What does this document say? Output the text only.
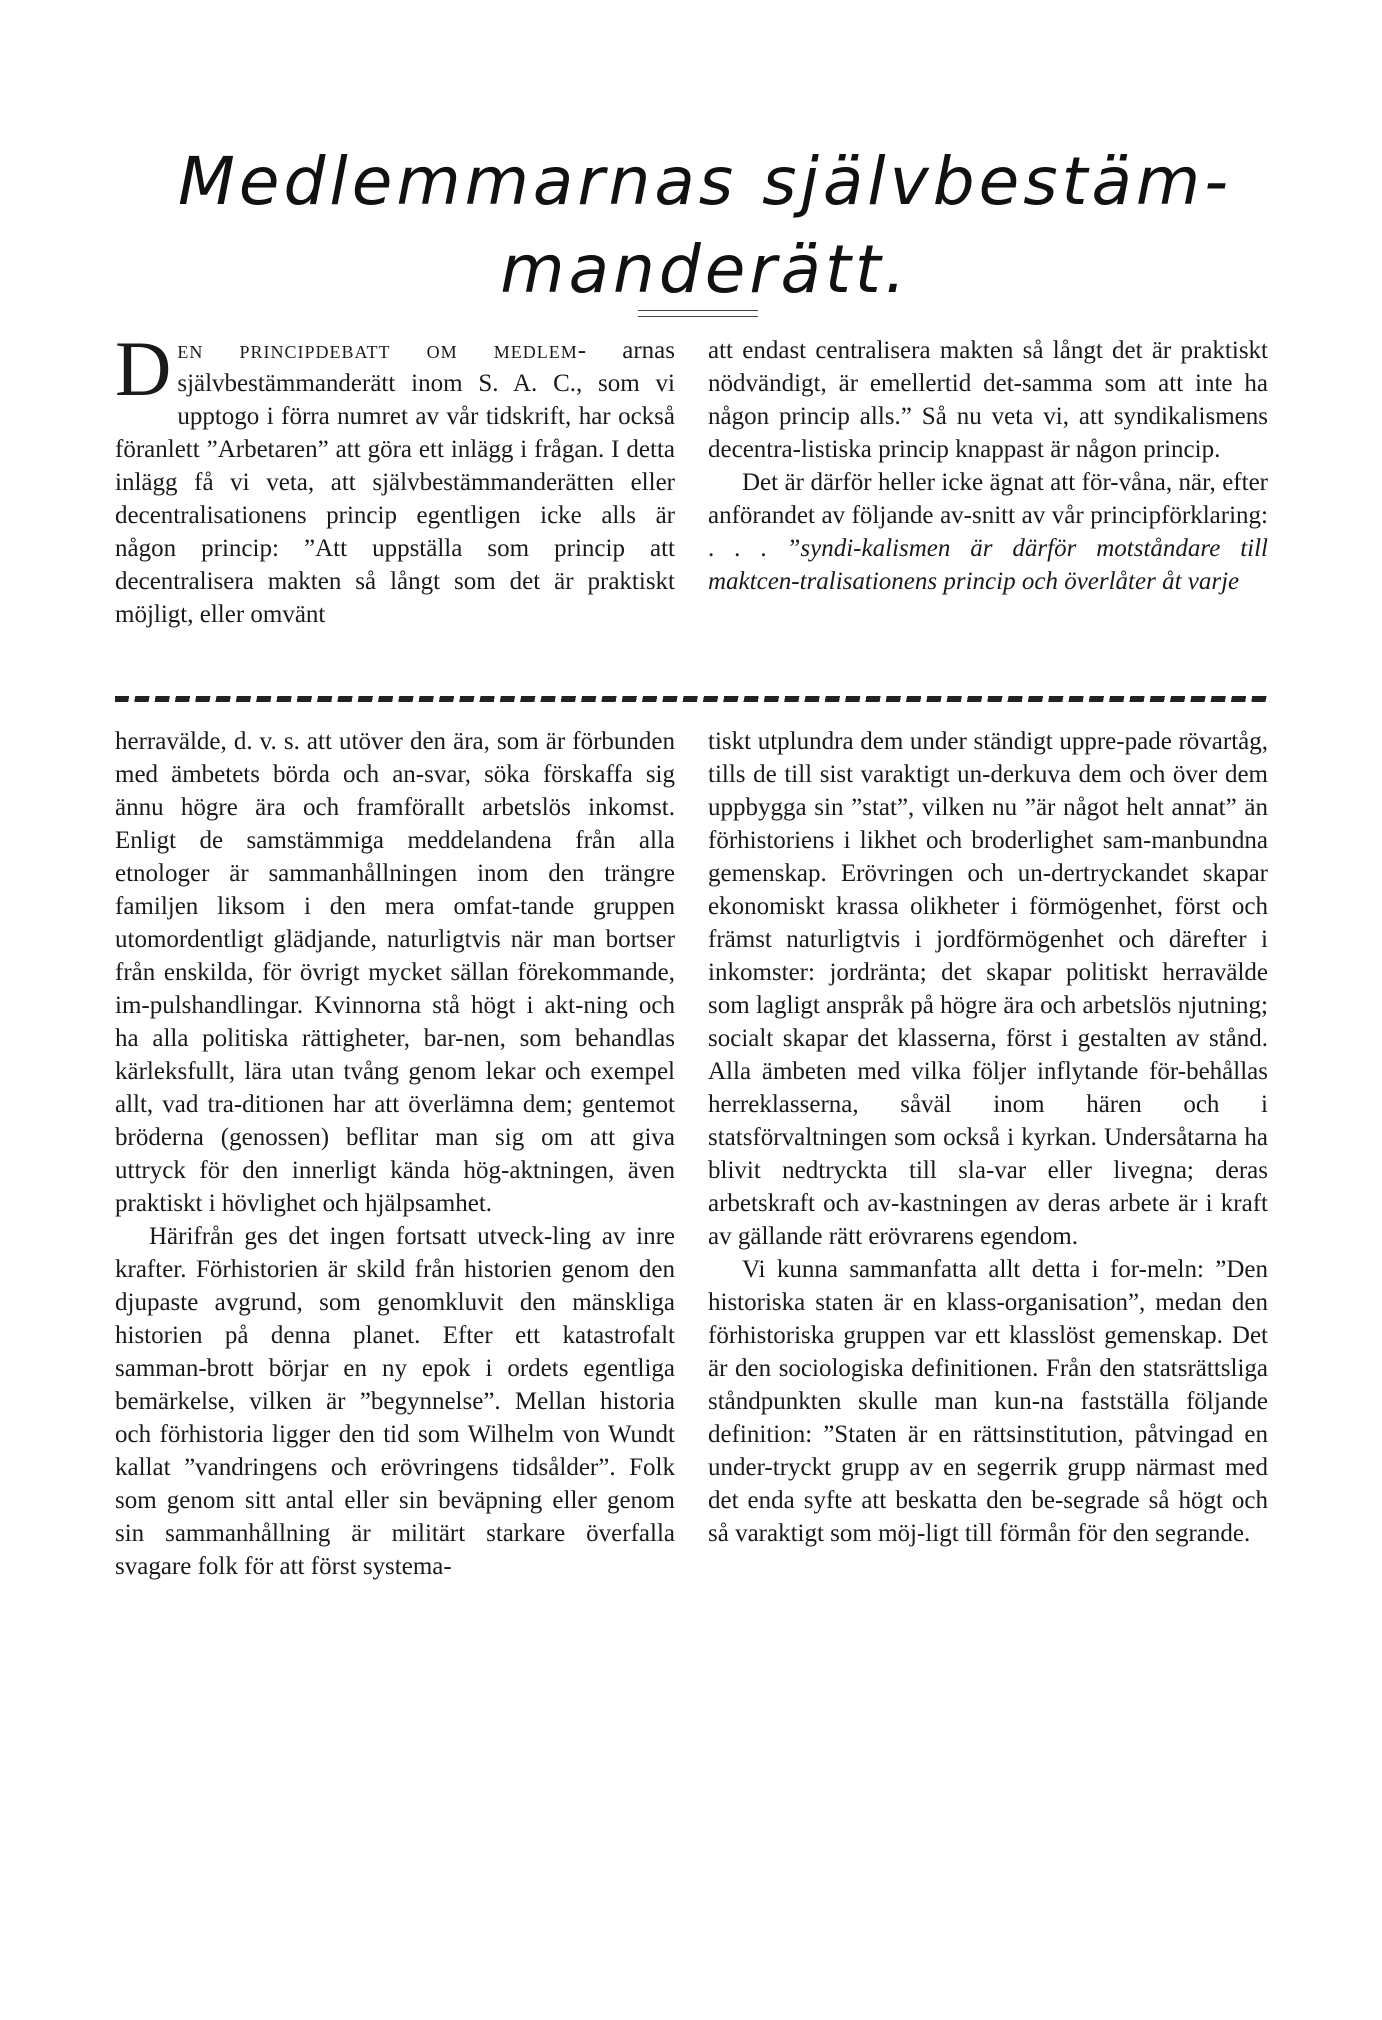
Medlemmarnas självbestäm-manderätt.

D en principdebatt om medlem- arnas självbestämmanderätt inom S. A. C., som vi upptogo i förra numret av vår tidskrift, har också föranlett ”Arbetaren” att göra ett inlägg i frågan. I detta inlägg få vi veta, att självbestämmanderätten eller decentralisationens princip egentligen icke alls är någon princip: ”Att uppställa som princip att decentralisera makten så långt som det är praktiskt möjligt, eller omvänt

att endast centralisera makten så långt det är praktiskt nödvändigt, är emellertid det-samma som att inte ha någon princip alls.” Så nu veta vi, att syndikalismens decentra-listiska princip knappast är någon princip.

Det är därför heller icke ägnat att för-våna, när, efter anförandet av följande av-snitt av vår principförklaring: . . . ”syndi-kalismen är därför motståndare till maktcen-tralisationens princip och överlåter åt varje

herravälde, d. v. s. att utöver den ära, som är förbunden med ämbetets börda och an-svar, söka förskaffa sig ännu högre ära och framförallt arbetslös inkomst. Enligt de samstämmiga meddelandena från alla etnologer är sammanhållningen inom den trängre familjen liksom i den mera omfat-tande gruppen utomordentligt glädjande, naturligtvis när man bortser från enskilda, för övrigt mycket sällan förekommande, im-pulshandlingar. Kvinnorna stå högt i akt-ning och ha alla politiska rättigheter, bar-nen, som behandlas kärleksfullt, lära utan tvång genom lekar och exempel allt, vad tra-ditionen har att överlämna dem; gentemot bröderna (genossen) beflitar man sig om att giva uttryck för den innerligt kända hög-aktningen, även praktiskt i hövlighet och hjälpsamhet.

Härifrån ges det ingen fortsatt utveck-ling av inre krafter. Förhistorien är skild från historien genom den djupaste avgrund, som genomkluvit den mänskliga historien på denna planet. Efter ett katastrofalt samman-brott börjar en ny epok i ordets egentliga bemärkelse, vilken är ”begynnelse”. Mellan historia och förhistoria ligger den tid som Wilhelm von Wundt kallat ”vandringens och erövringens tidsålder”. Folk som genom sitt antal eller sin beväpning eller genom sin sammanhållning är militärt starkare överfalla svagare folk för att först systema-

tiskt utplundra dem under ständigt uppre-pade rövartåg, tills de till sist varaktigt un-derkuva dem och över dem uppbygga sin ”stat”, vilken nu ”är något helt annat” än förhistoriens i likhet och broderlighet sam-manbundna gemenskap. Erövringen och un-dertryckandet skapar ekonomiskt krassa olikheter i förmögenhet, först och främst naturligtvis i jordförmögenhet och därefter i inkomster: jordränta; det skapar politiskt herravälde som lagligt anspråk på högre ära och arbetslös njutning; socialt skapar det klasserna, först i gestalten av stånd. Alla ämbeten med vilka följer inflytande för-behållas herreklasserna, såväl inom hären och i statsförvaltningen som också i kyrkan. Undersåtarna ha blivit nedtryckta till sla-var eller livegna; deras arbetskraft och av-kastningen av deras arbete är i kraft av gällande rätt erövrarens egendom.

Vi kunna sammanfatta allt detta i for-meln: ”Den historiska staten är en klass-organisation”, medan den förhistoriska gruppen var ett klasslöst gemenskap. Det är den sociologiska definitionen. Från den statsrättsliga ståndpunkten skulle man kun-na fastställa följande definition: ”Staten är en rättsinstitution, påtvingad en under-tryckt grupp av en segerrik grupp närmast med det enda syfte att beskatta den be-segrade så högt och så varaktigt som möj-ligt till förmån för den segrande.
